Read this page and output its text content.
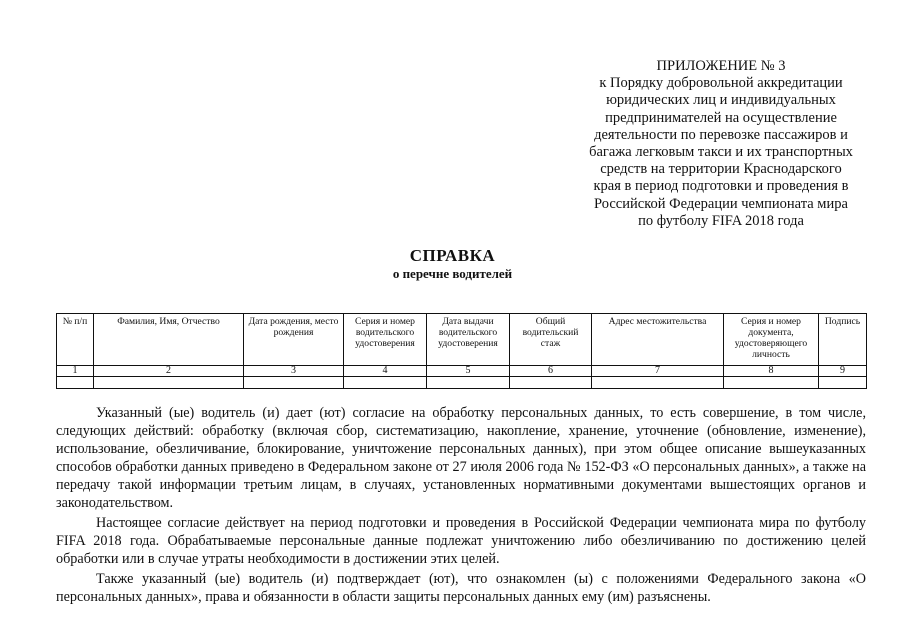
ПРИЛОЖЕНИЕ № 3
к Порядку добровольной аккредитации
юридических лиц и индивидуальных
предпринимателей на осуществление
деятельности по перевозке пассажиров и
багажа легковым такси и их транспортных
средств на территории Краснодарского
края в период подготовки и проведения в
Российской Федерации чемпионата мира
по футболу FIFA 2018 года
СПРАВКА
о перечне водителей
№ п/п	Фамилия, Имя, Отчество	Дата рождения, место рождения	Серия и номер водительского удостоверения	Дата выдачи водительского удостоверения	Общий водительский стаж	Адрес местожительства	Серия и номер документа, удостоверяющего личность	Подпись
1	2	3	4	5	6	7	8	9

Указанный (ые) водитель (и) дает (ют) согласие на обработку персональных данных, то есть совершение, в том числе, следующих действий: обработку (включая сбор, систематизацию, накопление, хранение, уточнение (обновление, изменение), использование, обезличивание, блокирование, уничтожение персональных данных), при этом общее описание вышеуказанных способов обработки данных приведено в Федеральном законе от 27 июля 2006 года № 152-ФЗ «О персональных данных», а также на передачу такой информации третьим лицам, в случаях, установленных нормативными документами вышестоящих органов и законодательством.

Настоящее согласие действует на период подготовки и проведения в Российской Федерации чемпионата мира по футболу FIFA 2018 года. Обрабатываемые персональные данные подлежат уничтожению либо обезличиванию по достижению целей обработки или в случае утраты необходимости в достижении этих целей.

Также указанный (ые) водитель (и) подтверждает (ют), что ознакомлен (ы) с положениями Федерального закона «О персональных данных», права и обязанности в области защиты персональных данных ему (им) разъяснены.
